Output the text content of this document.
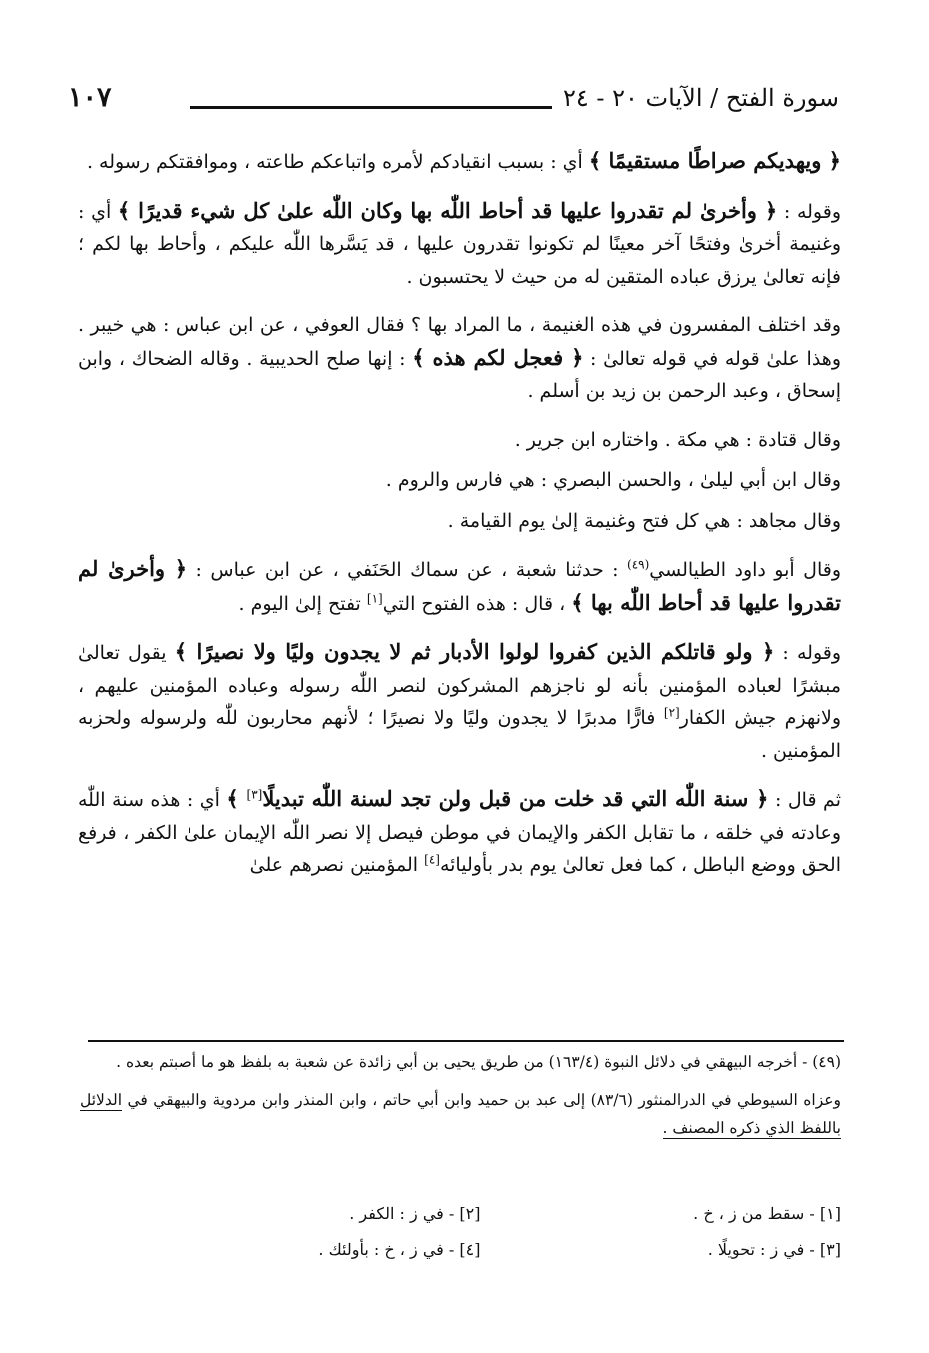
سورة الفتح / الآيات ٢٠ - ٢٤
١٠٧

﴿ ويهديكم صراطًا مستقيمًا ﴾ أي : بسبب انقيادكم لأمره واتباعكم طاعته ، وموافقتكم رسوله .

وقوله : ﴿ وأخرىٰ لم تقدروا عليها قد أحاط اللّٰه بها وكان اللّٰه علىٰ كل شيء قديرًا ﴾ أي : وغنيمة أخرىٰ وفتحًا آخر معينًا لم تكونوا تقدرون عليها ، قد يَسَّرها اللّٰه عليكم ، وأحاط بها لكم ؛ فإنه تعالىٰ يرزق عباده المتقين له من حيث لا يحتسبون .

وقد اختلف المفسرون في هذه الغنيمة ، ما المراد بها ؟ فقال العوفي ، عن ابن عباس : هي خيبر . وهذا علىٰ قوله في قوله تعالىٰ : ﴿ فعجل لكم هذه ﴾ : إنها صلح الحديبية . وقاله الضحاك ، وابن إسحاق ، وعبد الرحمن بن زيد بن أسلم .

وقال قتادة : هي مكة . واختاره ابن جرير .

وقال ابن أبي ليلىٰ ، والحسن البصري : هي فارس والروم .

وقال مجاهد : هي كل فتح وغنيمة إلىٰ يوم القيامة .

وقال أبو داود الطيالسي$^{(٤٩)}$ : حدثنا شعبة ، عن سماك الحَنَفي ، عن ابن عباس : ﴿ وأخرىٰ لم تقدروا عليها قد أحاط اللّٰه بها ﴾ ، قال : هذه الفتوح التي[١] تفتح إلىٰ اليوم .

وقوله : ﴿ ولو قاتلكم الذين كفروا لولوا الأدبار ثم لا يجدون وليًا ولا نصيرًا ﴾ يقول تعالىٰ مبشرًا لعباده المؤمنين بأنه لو ناجزهم المشركون لنصر اللّٰه رسوله وعباده المؤمنين عليهم ، ولانهزم جيش الكفار[٢] فارًّا مدبرًا لا يجدون وليًا ولا نصيرًا ؛ لأنهم محاربون للّٰه ولرسوله ولحزبه المؤمنين .

ثم قال : ﴿ سنة اللّٰه التي قد خلت من قبل ولن تجد لسنة اللّٰه تبديلًا[٣] ﴾ أي : هذه سنة اللّٰه وعادته في خلقه ، ما تقابل الكفر والإيمان في موطن فيصل إلا نصر اللّٰه الإيمان علىٰ الكفر ، فرفع الحق ووضع الباطل ، كما فعل تعالىٰ يوم بدر بأوليائه[٤] المؤمنين نصرهم علىٰ

(٤٩) - أخرجه البيهقي في دلائل النبوة (١٦٣/٤) من طريق يحيى بن أبي زائدة عن شعبة به بلفظ هو ما أصبتم بعده .

وعزاه السيوطي في الدرالمنثور (٨٣/٦) إلى عبد بن حميد وابن أبي حاتم ، وابن المنذر وابن مردوية والبيهقي في الدلائل باللفظ الذي ذكره المصنف .

[١] - سقط من ز ، خ .
[٢] - في ز : الكفر .
[٣] - في ز : تحويلًا .
[٤] - في ز ، خ : بأولئك .
